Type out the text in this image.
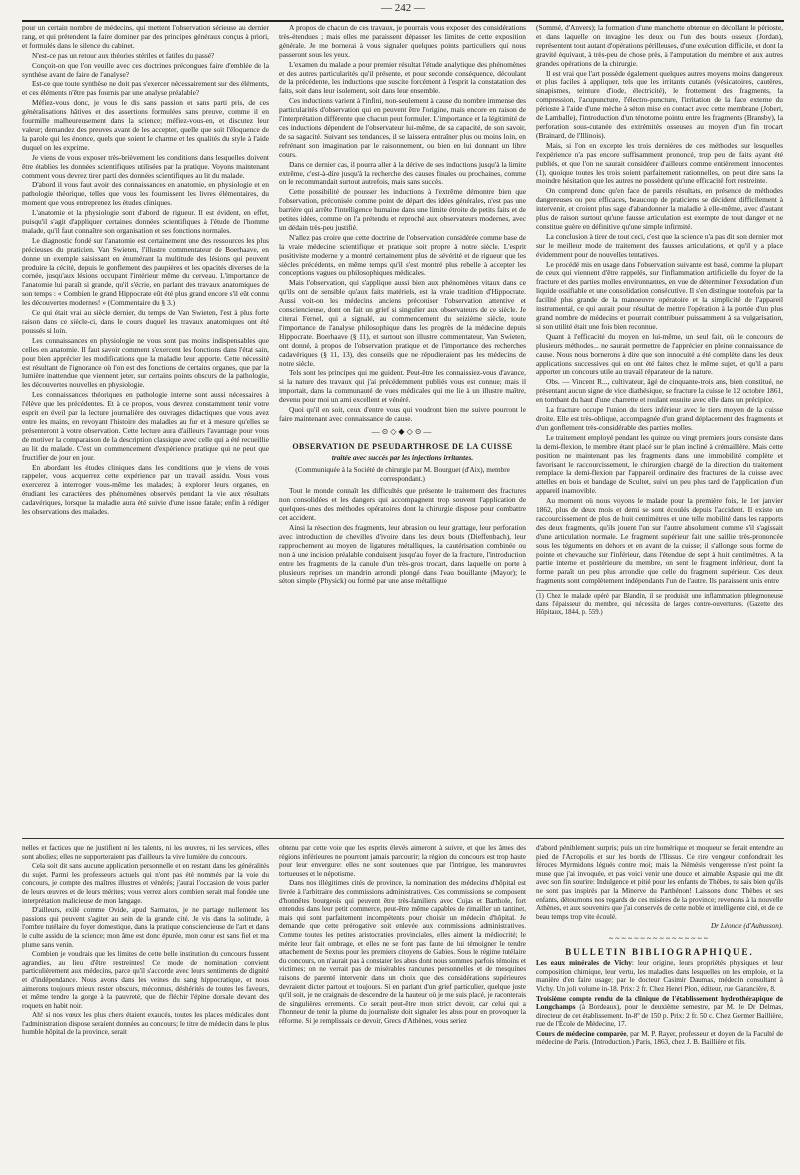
— 242 —

pour un certain nombre de médecins, qui mettent l'observation sérieuse au dernier rang, et qui prétendent la faire dominer par des principes généraux conçus à priori, et formulés dans le silence du cabinet.

N'est-ce pas un retour aux théories stériles et fatiles du passé?

Conçoit-on que l'on veuille avec ces doctrines précongues faire d'emblée de la synthèse avant de faire de l'analyse?

Est-ce que toute synthèse ne doit pas s'exercer nécessairement sur des éléments, et ces éléments n'être pas fournis par une analyse préalable?

Méfiez-vous donc, je vous le dis sans passion et sans parti pris, de ces généralisations hâtives et des assertions formulées sans preuve, comme il en fourmille malheureusement dans la science; méfiez-vous-en, et discutez leur valeur; demandez des preuves avant de les accepter, quelle que soit l'éloquence de la parole qui les énonce, quels que soient le charme et les qualités du style à l'aide duquel on les exprime.

Je viens de vous exposer très-brièvement les conditions dans lesquelles doivent être établies les données scientifiques utilisées par la pratique. Voyons maintenant comment vous devrez tirer parti des données scientifiques au lit du malade.

D'abord il vous faut avoir des connaissances en anatomie, en physiologie et en pathologie théorique, telles que vous les fournissent les livres élémentaires, du moment que vous entreprenez les études cliniques.

L'anatomie et la physiologie sont d'abord de rigueur. Il est évident, en effet, puisqu'il s'agit d'appliquer certaines données scientifiques à l'étude de l'homme malade, qu'il faut connaître son organisation et ses fonctions normales.

Le diagnostic fondé sur l'anatomie est certainement une des ressources les plus précieuses du praticien. Van Swieten, l'illustre commentateur de Boerhaave, en donne un exemple saisissant en énumérant la multitude des lésions qui peuvent produire la cécité, depuis le gonflement des paupières et les opacités diverses de la cornée, jusqu'aux lésions occupant l'intérieur même du cerveau. L'importance de l'anatomie lui paraît si grande, qu'il s'écrie, en parlant des travaux anatomiques de son temps : « Combien le grand Hippocrate eût été plus grand encore s'il eût connu les découvertes modernes! » (Commentaire du § 3.)

Ce qui était vrai au siècle dernier, du temps de Van Swieten, l'est à plus forte raison dans ce siècle-ci, dans le cours duquel les travaux anatomiques ont été poussés si loin.

Les connaissances en physiologie ne vous sont pas moins indispensables que celles en anatomie. Il faut savoir comment s'exercent les fonctions dans l'état sain, pour bien apprécier les modifications que la maladie leur apporte. Cette nécessité est résultant de l'ignorance où l'on est des fonctions de certains organes, que par la lumière inattendue que viennent jeter, sur certains points obscurs de la pathologie, les découvertes nouvelles en physiologie.

Les connaissances théoriques en pathologie interne sont aussi nécessaires à l'élève que les précédentes. Et à ce propos, vous devrez constamment tenir votre esprit en éveil par la lecture journalière des ouvrages didactiques que vous avez entre les mains, en revoyant l'histoire des maladies au fur et à mesure qu'elles se présenteront à votre observation. Cette lecture aura d'ailleurs l'avantage pour vous de motiver la comparaison de la description classique avec celle qui a été recueillie au lit du malade. C'est un commencement d'expérience pratique qui ne peut que fructifier de jour en jour.

En abordant les études cliniques dans les conditions que je viens de vous rappeler, vous acquerrez cette expérience par un travail assidu. Vous vous exercerez à interroger vous-même les malades; à explorer leurs organes, en étudiant les caractères des phénomènes observés pendant la vie aux résultats cadavériques, lorsque la maladie aura été suivie d'une issue fatale; enfin à rédiger les observations des malades.

A propos de chacun de ces travaux, je pourrais vous exposer des considérations très-étendues ; mais elles me paraissent dépasser les limites de cette exposition générale. Je me bornerai à vous signaler quelques points particuliers qui nous passeront sous les yeux.

L'examen du malade a pour premier résultat l'étude analytique des phénomènes et des autres particularités qu'il présente, et pour seconde conséquence, découlant de la précédente, les inductions que suscite forcément à l'esprit la constatation des faits, soit dans leur isolement, soit dans leur ensemble.

Ces inductions varient à l'infini, non-seulement à cause du nombre immense des particularités d'observation qui en peuvent être l'origine, mais encore en raison de l'interprétation différente que chacun peut formuler. L'importance et la légitimité de ces inductions dépendent de l'observateur lui-même, de sa capacité, de son savoir, de sa sagacité. Suivant ses tendances, il se laissera entraîner plus ou moins loin, en refrénant son imagination par le raisonnement, ou bien en lui donnant un libre cours.

Dans ce dernier cas, il pourra aller à la dérive de ses inductions jusqu'à la limite extrême, c'est-à-dire jusqu'à la recherche des causes finales ou prochaines, comme on le recommandait surtout autrefois, mais sans succès.

Cette possibilité de pousser les inductions à l'extrême démontre bien que l'observation, préconisée comme point de départ des idées générales, n'est pas une barrière qui arrête l'intelligence humaine dans une limite étroite de petits faits et de petites idées, comme on l'a prétendu et reproché aux observateurs modernes, avec un dédain très-peu justifié.

N'allez pas croire que cette doctrine de l'observation considérée comme base de la vraie médecine scientifique et pratique soit propre à notre siècle. L'esprit positiviste moderne y a montré certainement plus de sévérité et de rigueur que les siècles précédents, en même temps qu'il s'est montré plus rebelle à accepter les conceptions vagues ou philosophiques médicales.

Mais l'observation, qui s'applique aussi bien aux phénomènes vitaux dans ce qu'ils ont de sensible qu'aux faits matériels, est la vraie tradition d'Hippocrate. Aussi voit-on les médecins anciens préconiser l'observation attentive et consciencieuse, dont on fait un grief si singulier aux observateurs de ce siècle. Je citerai Fernel, qui a signalé, au commencement du seizième siècle, toute l'importance de l'analyse philosophique dans les progrès de la médecine depuis Hippocrate. Boerhaave (§ 11), et surtout son illustre commentateur, Van Swieten, ont donné, à propos de l'observation pratique et de l'importance des recherches cadavériques (§ 11, 13), des conseils que ne répudieraient pas les médecins de notre siècle.

Tels sont les principes qui me guident. Peut-être les connaissiez-vous d'avance, si la nature des travaux qui j'ai précédemment publiés vous est connue; mais il importait, dans la communauté de vues médicales qui me lie à un illustre maître, devenu pour moi un ami excellent et vénéré.

Quoi qu'il en soit, ceux d'entre vous qui voudront bien me suivre pourront le faire maintenant avec connaissance de cause.

—⊙◇◆◇⊙—
OBSERVATION DE PSEUDARTHROSE DE LA CUISSE
traitée avec succès par les injections irritantes.
(Communiquée à la Société de chirurgie par M. Bourguet (d'Aix), membre correspondant.)

Tout le monde connaît les difficultés que présente le traitement des fractures non consolidées et les dangers qui accompagnent trop souvent l'application de quelques-unes des méthodes opératoires dont la chirurgie dispose pour combattre cet accident.

Ainsi la résection des fragments, leur abrasion ou leur grattage, leur perforation avec introduction de chevilles d'ivoire dans les deux bouts (Dieffenbach), leur rapprochement au moyen de ligatures métalliques, la cautérisation combinée ou non à une incision préalable conduisent jusqu'au foyer de la fracture, l'introduction entre les fragments de la canule d'un très-gros trocart, dans laquelle on porte à plusieurs reprises un mandrin arrondi plongé dans l'eau bouillante (Mayor); le séton simple (Physick) ou formé par une anse métallique

(Sommé, d'Anvers); la formation d'une manchette obtenue en décollant le périoste, et dans laquelle on invagine les deux ou l'un des bouts osseux (Jordan), représentent tout autant d'opérations périlleuses, d'une exécution difficile, et dont la gravité équivaut, à très-peu de chose près, à l'amputation du membre et aux autres grandes opérations de la chirurgie.

Il est vrai que l'art possède également quelques autres moyens moins dangereux et plus faciles à appliquer, tels que les irritants cutanés (vésicatoires, cautères, sinapismes, teinture d'iode, électricité), le frottement des fragments, la compression, l'acupuncture, l'électro-puncture, l'irritation de la face externe du périoste à l'aide d'une mèche à séton mise en contact avec cette membrane (Jobert, de Lamballe), l'introduction d'un ténotome pointu entre les fragments (Bransby), la perforation sous-cutanée des extrémités osseuses au moyen d'un fin trocart (Brainard, de l'Illinois).

Mais, si l'on en excepte les trois dernières de ces méthodes sur lesquelles l'expérience n'a pas encore suffisamment prononcé, trop peu de faits ayant été publiés, et que l'on ne saurait considérer d'ailleurs comme entièrement innocentes (1), quoique toutes les trois soient parfaitement rationnelles, on peut dire sans la moindre hésitation que les autres ne possèdent qu'une efficacité fort restreinte.

On comprend donc qu'en face de pareils résultats, en présence de méthodes dangereuses ou peu efficaces, beaucoup de praticiens se décident difficilement à intervenir, et croient plus sage d'abandonner la maladie à elle-même, avec d'autant plus de raison surtout qu'une fausse articulation est exempte de tout danger et ne constitue guère en définitive qu'une simple infirmité.

La conclusion à tirer de tout ceci, c'est que la science n'a pas dit son dernier mot sur le meilleur mode de traitement des fausses articulations, et qu'il y a place évidemment pour de nouvelles tentatives.

Le procédé mis en usage dans l'observation suivante est basé, comme la plupart de ceux qui viennent d'être rappelés, sur l'inflammation artificielle du foyer de la fracture et des parties molles environnantes, en vue de déterminer l'exsudation d'un liquide ossifiable et une consolidation consécutive. Il s'en distingue toutefois par la facilité plus grande de la manoeuvre opératoire et la simplicité de l'appareil instrumental, ce qui aurait pour résultat de mettre l'opération à la portée d'un plus grand nombre de médecins et pourrait contribuer puissamment à sa vulgarisation, si son utilité était une fois bien reconnue.

Quant à l'efficacité du moyen en lui-même, un seul fait, où le concours de plusieurs méthodes... ne saurait permettre de l'apprécier en pleine connaissance de cause. Nous nous bornerons à dire que son innocuité a été complète dans les deux applications successives qui en ont été faites chez le même sujet, et qu'il a paru apporter un concours utile au travail réparateur de la nature.

Obs. — Vincent R..., cultivateur, âgé de cinquante-trois ans, bien constitué, ne présentant aucun signe de vice diathésique, se fracture la cuisse le 12 octobre 1861, en tombant du haut d'une charrette et roulant ensuite avec elle dans un précipice.

La fracture occupe l'union du tiers inférieur avec le tiers moyen de la cuisse droite. Elle est très-oblique, accompagnée d'un grand déplacement des fragments et d'un gonflement très-considérable des parties molles.

Le traitement employé pendant les quinze ou vingt premiers jours consiste dans la demi-flexion, le membre étant placé sur le plan incliné à crémaillère. Mais cette position ne maintenant pas les fragments dans une immobilité complète et favorisant le raccourcissement, le chirurgien chargé de la direction du traitement remplace la demi-flexion par l'appareil ordinaire des fractures de la cuisse avec attelles en bois et bandage de Scultet, suivi un peu plus tard de l'application d'un appareil inamovible.

Au moment où nous voyons le malade pour la première fois, le 1er janvier 1862, plus de deux mois et demi se sont écoulés depuis l'accident. Il existe un raccourcissement de plus de huit centimètres et une telle mobilité dans les rapports des deux fragments, qu'ils jouent l'un sur l'autre absolument comme s'il s'agissait d'une articulation normale. Le fragment supérieur fait une saillie très-prononcée sous les téguments en dehors et en avant de la cuisse; il s'allonge sous forme de pointe et chevauche sur l'inférieur, dans l'étendue de sept à huit centimètres. A la partie interne et postérieure du membre, on sent le fragment inférieur, dont la forme paraît un peu plus arrondie que celle du fragment supérieur. Ces deux fragments sont complètement indépendants l'un de l'autre. Ils paraissent unis entre

(1) Chez le malade opéré par Blandin, il se produisit une inflammation phlegmoneuse dans l'épaisseur du membre, qui nécessita de larges contre-ouvertures. (Gazette des Hôpitaux, 1844, p. 559.)

nelles et factices que ne justifient ni les talents, ni les œuvres, ni les services, elles sont abolies; elles ne supporteraient pas d'ailleurs la vive lumière du concours.

Cela soit dit sans aucune application personnelle et en restant dans les généralités du sujet. Parmi les professeurs actuels qui n'ont pas été nommés par la voie du concours, je compte des maîtres illustres et vénérés; j'aurai l'occasion de vous parler de leurs œuvres et de leurs mérites; vous verrez alors combien serait mal fondée une interprétation malicieuse de mon langage.

D'ailleurs, exilé comme Ovide, apud Sarmatos, je ne partage nullement les passions qui peuvent s'agiter au sein de la grande cité. Je vis dans la solitude, à l'ombre tutélaire du foyer domestique, dans la pratique consciencieuse de l'art et dans le culte assidu de la science; mon âme est donc épurée, mon cœur est sans fiel et ma plume sans venin.

Combien je voudrais que les limites de cette belle institution du concours fussent agrandies, au lieu d'être restreintes! Ce mode de nomination convient particulièrement aux médecins, parce qu'il s'accorde avec leurs sentiments de dignité et d'indépendance. Nous avons dans les veines du sang hippocratique, et nous aimerons toujours mieux rester obscurs, méconnus, déshérités de toutes les faveurs, et même tendre la gorge à la pauvreté, que de fléchir l'épine dorsale devant des roquets en habit noir.

Ah! si nos vœux les plus chers étaient exaucés, toutes les places médicales dont l'administration dispose seraient données au concours; le titre de médecin dans le plus humble hôpital de la province, serait

obtenu par cette voie que les esprits élevés aimeront à suivre, et que les âmes des régions inférieures ne pourront jamais parcourir; la région du concours est trop haute pour leur envergure: elles ne sont soutenues que par l'intrigue, les manœuvres tortueuses et le népotisme.

Dans nos illégitimes cités de province, la nomination des médecins d'hôpital est livrée à l'arbitraire des commissions administratives. Ces commissions se composent d'honnêtes bourgeois qui peuvent être très-familiers avec Cujas et Barthole, fort entendus dans leur petit commerce, peut-être même capables de rimailler un tantinet, mais qui sont parfaitement incompétents pour choisir un médecin d'hôpital. Je demande que cette prérogative soit enlevée aux commissions administratives. Comme toutes les petites aristocraties provinciales, elles aiment la médiocrité; le mérite leur fait ombrage, et elles ne se font pas faute de lui témoigner le tendre attachement de Sextus pour les premiers citoyens de Gabies. Sous le régime tutélaire du concours, on n'aurait pas à constater les abus dont nous sommes parfois témoins et victimes; on ne verrait pas de misérables rancunes personnelles et de mesquines raisons de parenté intervenir dans un choix que des considérations supérieures devraient dicter partout et toujours. Si en parlant d'un grief particulier, quelque juste qu'il soit, je ne craignais de descendre de la hauteur où je me suis placé, je raconterais de singulières errements. Ce serait peut-être mon strict devoir, car celui qui a l'honneur de tenir la plume du journaliste doit signaler les abus pour en provoquer la réforme. Si je remplissais ce devoir, Grecs d'Athènes, vous seriez

d'abord péniblement surpris; puis un rire homérique et moqueur se ferait entendre au pied de l'Acropolis et sur les bords de l'Ilissus. Ce rire vengeur confondrait les féroces Myrmidons légués contre moi; mais la Némésis vengeresse n'est point la muse que j'ai invoquée, et pas voici venir une douce et aimable Aspasie qui me dit avec son fin sourire: Indulgence et pitié pour les enfants de Thèbes, tu sais bien qu'ils ne sont pas inspirés par la Minerve du Parthénon! Laissons donc Thèbes et ses enfants, détournons nos regards de ces misères de la province; revenons à la nouvelle Athènes, et aux souvenirs que j'ai conservés de cette noble et intelligente cité, et de ce beau temps trop vite écoulé.

Dr Léonce (d'Aubusson).

~~~~~~~~~~~~~~~~
BULLETIN BIBLIOGRAPHIQUE.

Les eaux minérales de Vichy: leur origine, leurs propriétés physiques et leur composition chimique, leur vertu, les maladies dans lesquelles on les emploie, et la manière d'en faire usage; par le docteur Casimir Daumas, médecin consultant à Vichy. Un joli volume in-18. Prix: 2 fr. Chez Henri Plon, éditeur, rue Garancière, 8.

Troisième compte rendu de la clinique de l'établissement hydrothérapique de Longchamps (à Bordeaux), pour le deuxième semestre, par M. le Dr Delmas, directeur de cet établissement. In-8º de 150 p. Prix: 2 fr. 50 c. Chez Germer Baillière, rue de l'École de Médecine, 17.

Cours de médecine comparée, par M. P. Rayer, professeur et doyen de la Faculté de médecine de Paris. (Introduction.) Paris, 1863, chez J. B. Baillière et fils.
